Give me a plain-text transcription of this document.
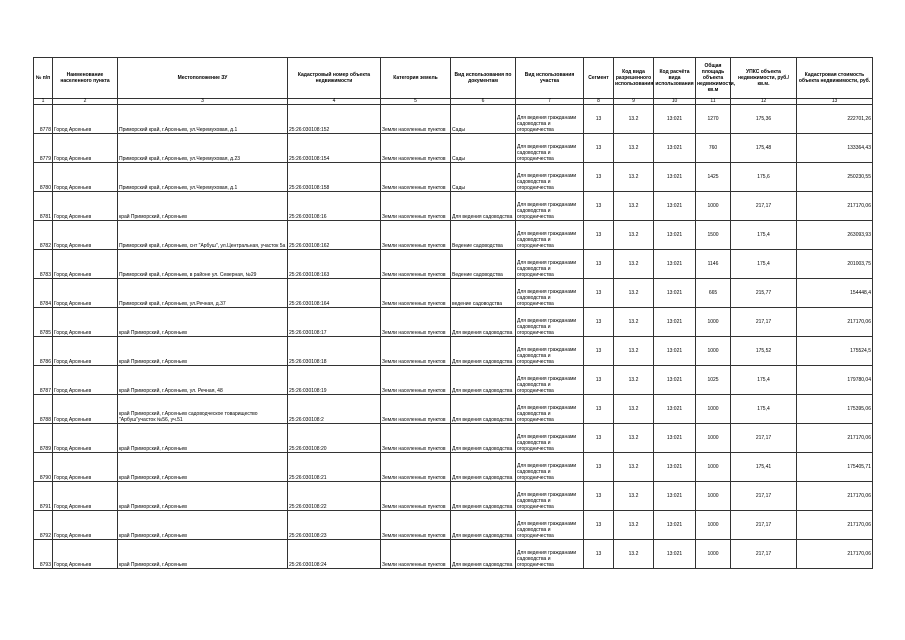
№ п/п	Наименование населенного пункта	Местоположение ЗУ	Кадастровый номер объекта недвижимости	Категория земель	Вид использования по документам	Вид использования участка	Сегмент	Код вида разрешенного использования	Код расчёта вида использования	Общая площадь объекта недвижимости, кв.м	УПКС объекта недвижимости, руб./кв.м.	Кадастровая стоимость объекта недвижимости, руб.
1	2	3	4	5	6	7	8	9	10	11	12	13
8778	Город Арсеньев	Приморский край, г.Арсеньев, ул.Черемуховая, д.1	25:26:030108:152	Земли населенных пунктов	Сады	Для ведения гражданами садоводства и огородничества	13	13.2	13:021	1270	175,36	222701,26
8779	Город Арсеньев	Приморский край, г.Арсеньев, ул.Черемуховая, д.23	25:26:030108:154	Земли населенных пунктов	Сады	Для ведения гражданами садоводства и огородничества	13	13.2	13:021	760	175,48	133364,43
8780	Город Арсеньев	Приморский край, г.Арсеньев, ул.Черемуховая, д.1	25:26:030108:158	Земли населенных пунктов	Сады	Для ведения гражданами садоводства и огородничества	13	13.2	13:021	1425	175,6	250230,55
8781	Город Арсеньев	край Приморский, г.Арсеньев	25:26:030108:16	Земли населенных пунктов	Для ведения садоводства	Для ведения гражданами садоводства и огородничества	13	13.2	13:021	1000	217,17	217170,06
8782	Город Арсеньев	Приморский край, г.Арсеньев, снт "Арбуш", ул.Центральная, участок 5а	25:26:030108:162	Земли населенных пунктов	Ведение садоводства	Для ведения гражданами садоводства и огородничества	13	13.2	13:021	1500	175,4	263093,93
8783	Город Арсеньев	Приморский край, г.Арсеньев, в районе ул. Северная, №29	25:26:030108:163	Земли населенных пунктов	Ведение садоводства	Для ведения гражданами садоводства и огородничества	13	13.2	13:021	1146	175,4	201003,75
8784	Город Арсеньев	Приморский край, г.Арсеньев, ул.Речная, д.37	25:26:030108:164	Земли населенных пунктов	ведение садоводства	Для ведения гражданами садоводства и огородничества	13	13.2	13:021	665	215,77	154448,4
8785	Город Арсеньев	край Приморский, г.Арсеньев	25:26:030108:17	Земли населенных пунктов	Для ведения садоводства	Для ведения гражданами садоводства и огородничества	13	13.2	13:021	1000	217,17	217170,06
8786	Город Арсеньев	край Приморский, г.Арсеньев	25:26:030108:18	Земли населенных пунктов	Для ведения садоводства	Для ведения гражданами садоводства и огородничества	13	13.2	13:021	1000	175,52	175524,5
8787	Город Арсеньев	край Приморский, г.Арсеньев, ул. Речная, 48	25:26:030108:19	Земли населенных пунктов	Для ведения садоводства	Для ведения гражданами садоводства и огородничества	13	13.2	13:021	1025	175,4	179780,04
8788	Город Арсеньев	край Приморский, г.Арсеньев садоводческое товарищество "Арбуш"участок №56, уч.51	25:26:030108:2	Земли населенных пунктов	Для ведения садоводства	Для ведения гражданами садоводства и огородничества	13	13.2	13:021	1000	175,4	175395,06
8789	Город Арсеньев	край Приморский, г.Арсеньев	25:26:030108:20	Земли населенных пунктов	Для ведения садоводства	Для ведения гражданами садоводства и огородничества	13	13.2	13:021	1000	217,17	217170,06
8790	Город Арсеньев	край Приморский, г.Арсеньев	25:26:030108:21	Земли населенных пунктов	Для ведения садоводства	Для ведения гражданами садоводства и огородничества	13	13.2	13:021	1000	175,41	175405,71
8791	Город Арсеньев	край Приморский, г.Арсеньев	25:26:030108:22	Земли населенных пунктов	Для ведения садоводства	Для ведения гражданами садоводства и огородничества	13	13.2	13:021	1000	217,17	217170,06
8792	Город Арсеньев	край Приморский, г.Арсеньев	25:26:030108:23	Земли населенных пунктов	Для ведения садоводства	Для ведения гражданами садоводства и огородничества	13	13.2	13:021	1000	217,17	217170,06
8793	Город Арсеньев	край Приморский, г.Арсеньев	25:26:030108:24	Земли населенных пунктов	Для ведения садоводства	Для ведения гражданами садоводства и огородничества	13	13.2	13:021	1000	217,17	217170,06
